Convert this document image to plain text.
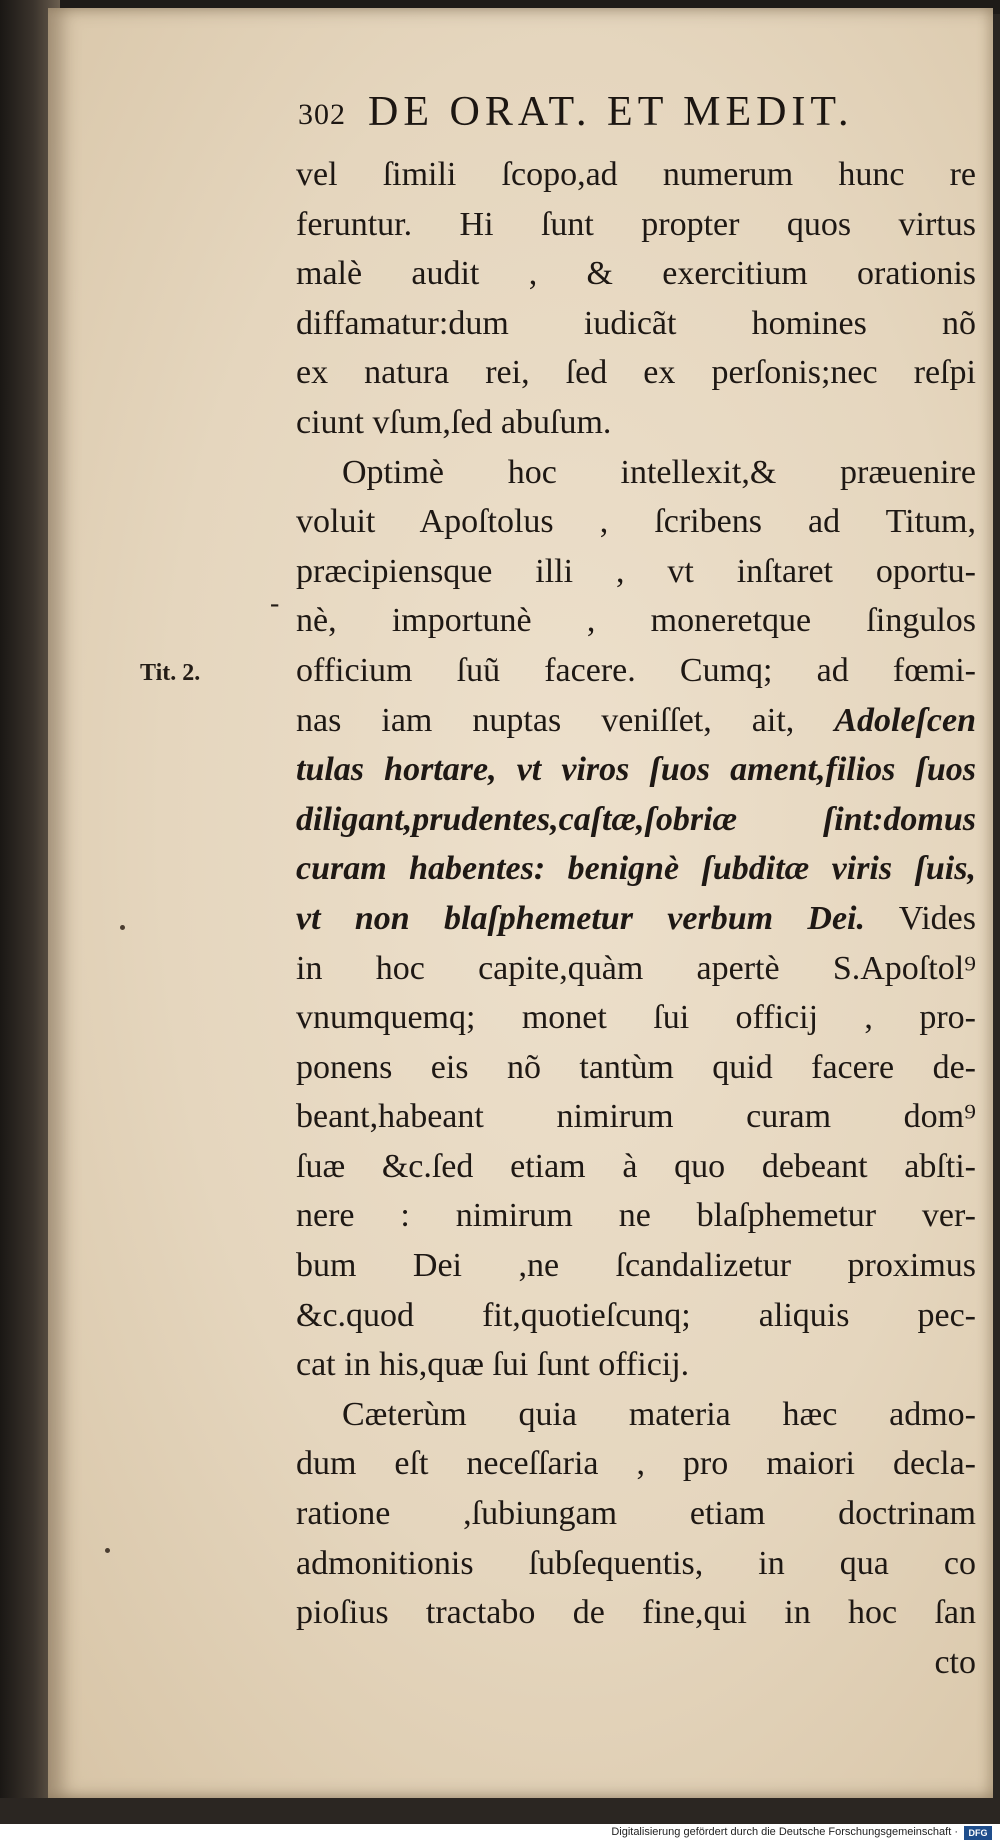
302 DE ORAT. ET MEDIT.
-
Tit. 2.
vel ſimili ſcopo,ad numerum hunc re
feruntur. Hi ſunt propter quos virtus
malè audit , & exercitium orationis
diffamatur:dum iudicãt homines nõ
ex natura rei, ſed ex perſonis;nec reſpi
ciunt vſum,ſed abuſum.
Optimè hoc intellexit,& præuenire
voluit Apoſtolus , ſcribens ad Titum,
præcipiensque illi , vt inſtaret oportu-
nè, importunè , moneretque ſingulos
officium ſuũ facere. Cumq; ad fœmi-
nas iam nuptas veniſſet, ait, Adoleſcen
tulas hortare, vt viros ſuos ament,filios ſuos
diligant,prudentes,caſtæ,ſobriæ ſint:domus
curam habentes: benignè ſubditæ viris ſuis,
vt non blaſphemetur verbum Dei. Vides
in hoc capite,quàm apertè S.Apoſtol⁹
vnumquemq; monet ſui officij , pro-
ponens eis nõ tantùm quid facere de-
beant,habeant nimirum curam dom⁹
ſuæ &c.ſed etiam à quo debeant abſti-
nere : nimirum ne blaſphemetur ver-
bum Dei ,ne ſcandalizetur proximus
&c.quod fit,quotieſcunq; aliquis pec-
cat in his,quæ ſui ſunt officij.
Cæterùm quia materia hæc admo-
dum eſt neceſſaria , pro maiori decla-
ratione ,ſubiungam etiam doctrinam
admonitionis ſubſequentis, in qua co
pioſius tractabo de fine,qui in hoc ſan
cto
Digitalisierung gefördert durch die Deutsche Forschungsgemeinschaft ·	DFG
